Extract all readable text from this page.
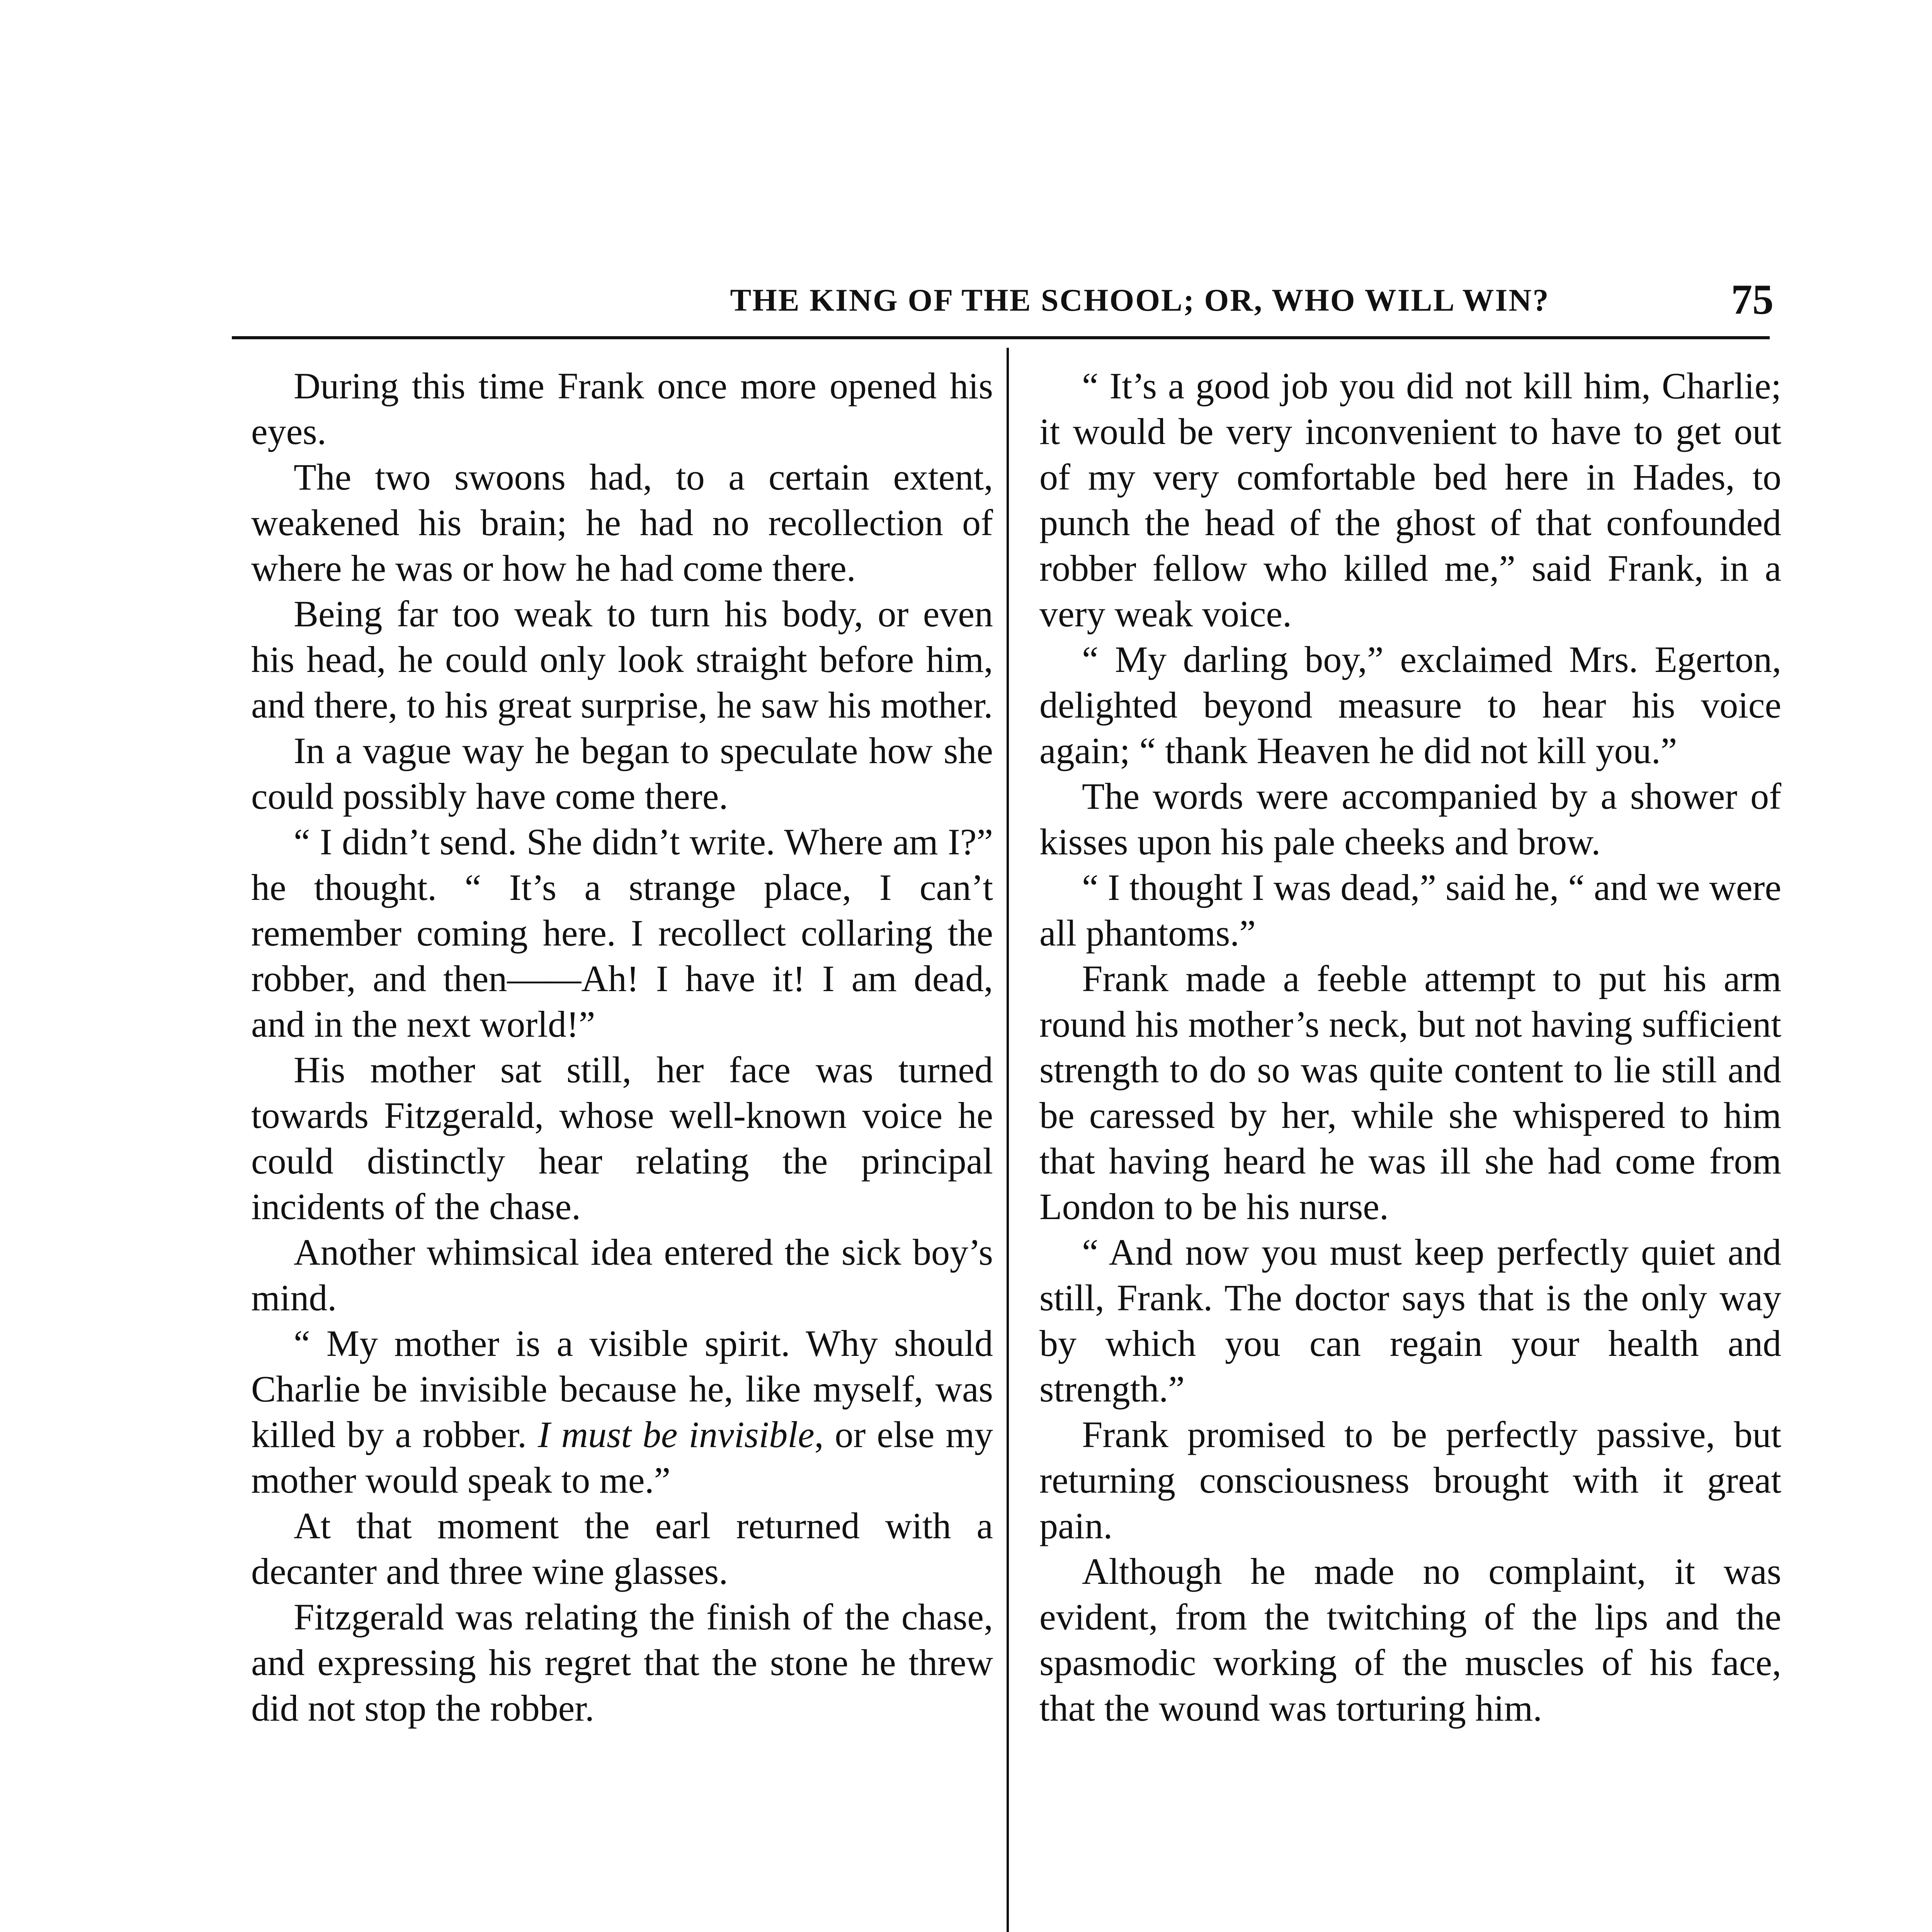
THE KING OF THE SCHOOL; OR, WHO WILL WIN?	75

During this time Frank once more opened his eyes.

The two swoons had, to a certain extent, weakened his brain; he had no recollection of where he was or how he had come there.

Being far too weak to turn his body, or even his head, he could only look straight before him, and there, to his great surprise, he saw his mother.

In a vague way he began to speculate how she could possibly have come there.

“ I didn’t send. She didn’t write. Where am I?” he thought. “ It’s a strange place, I can’t remember coming here. I recollect collaring the robber, and then——Ah! I have it! I am dead, and in the next world!”

His mother sat still, her face was turned towards Fitzgerald, whose well-known voice he could distinctly hear relating the principal incidents of the chase.

Another whimsical idea entered the sick boy’s mind.

“ My mother is a visible spirit. Why should Charlie be invisible because he, like myself, was killed by a robber. I must be invisible, or else my mother would speak to me.”

At that moment the earl returned with a decanter and three wine glasses.

Fitzgerald was relating the finish of the chase, and expressing his regret that the stone he threw did not stop the robber.

“ It’s a good job you did not kill him, Charlie; it would be very inconvenient to have to get out of my very comfortable bed here in Hades, to punch the head of the ghost of that confounded robber fellow who killed me,” said Frank, in a very weak voice.

“ My darling boy,” exclaimed Mrs. Egerton, delighted beyond measure to hear his voice again; “ thank Heaven he did not kill you.”

The words were accompanied by a shower of kisses upon his pale cheeks and brow.

“ I thought I was dead,” said he, “ and we were all phantoms.”

Frank made a feeble attempt to put his arm round his mother’s neck, but not having sufficient strength to do so was quite content to lie still and be caressed by her, while she whispered to him that having heard he was ill she had come from London to be his nurse.

“ And now you must keep perfectly quiet and still, Frank. The doctor says that is the only way by which you can regain your health and strength.”

Frank promised to be perfectly passive, but returning consciousness brought with it great pain.

Although he made no complaint, it was evident, from the twitching of the lips and the spasmodic working of the muscles of his face, that the wound was torturing him.
